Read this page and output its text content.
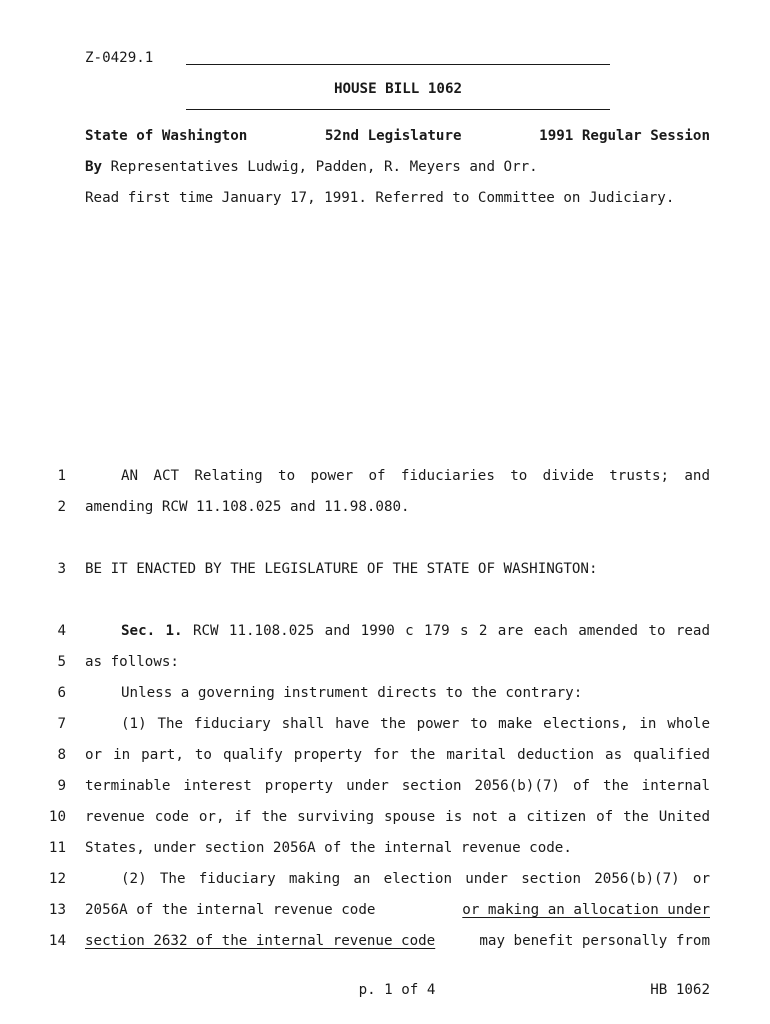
Z-0429.1
HOUSE BILL 1062
State of Washington	52nd Legislature	1991 Regular Session
By Representatives Ludwig, Padden, R. Meyers and Orr.
Read first time January 17, 1991. Referred to Committee on Judiciary.
1	AN ACT Relating to power of fiduciaries to divide trusts; and
2 amending RCW 11.108.025 and 11.98.080.
3 BE IT ENACTED BY THE LEGISLATURE OF THE STATE OF WASHINGTON:
4	Sec. 1. RCW 11.108.025 and 1990 c 179 s 2 are each amended to read
5 as follows:
6	Unless a governing instrument directs to the contrary:
7	(1) The fiduciary shall have the power to make elections, in whole
8 or in part, to qualify property for the marital deduction as qualified
9 terminable interest property under section 2056(b)(7) of the internal
10 revenue code or, if the surviving spouse is not a citizen of the United
11 States, under section 2056A of the internal revenue code.
12	(2) The fiduciary making an election under section 2056(b)(7) or
13 2056A of the internal revenue code	or making an allocation under
14 section 2632 of the internal revenue code	may benefit personally from
p. 1 of 4	HB 1062
